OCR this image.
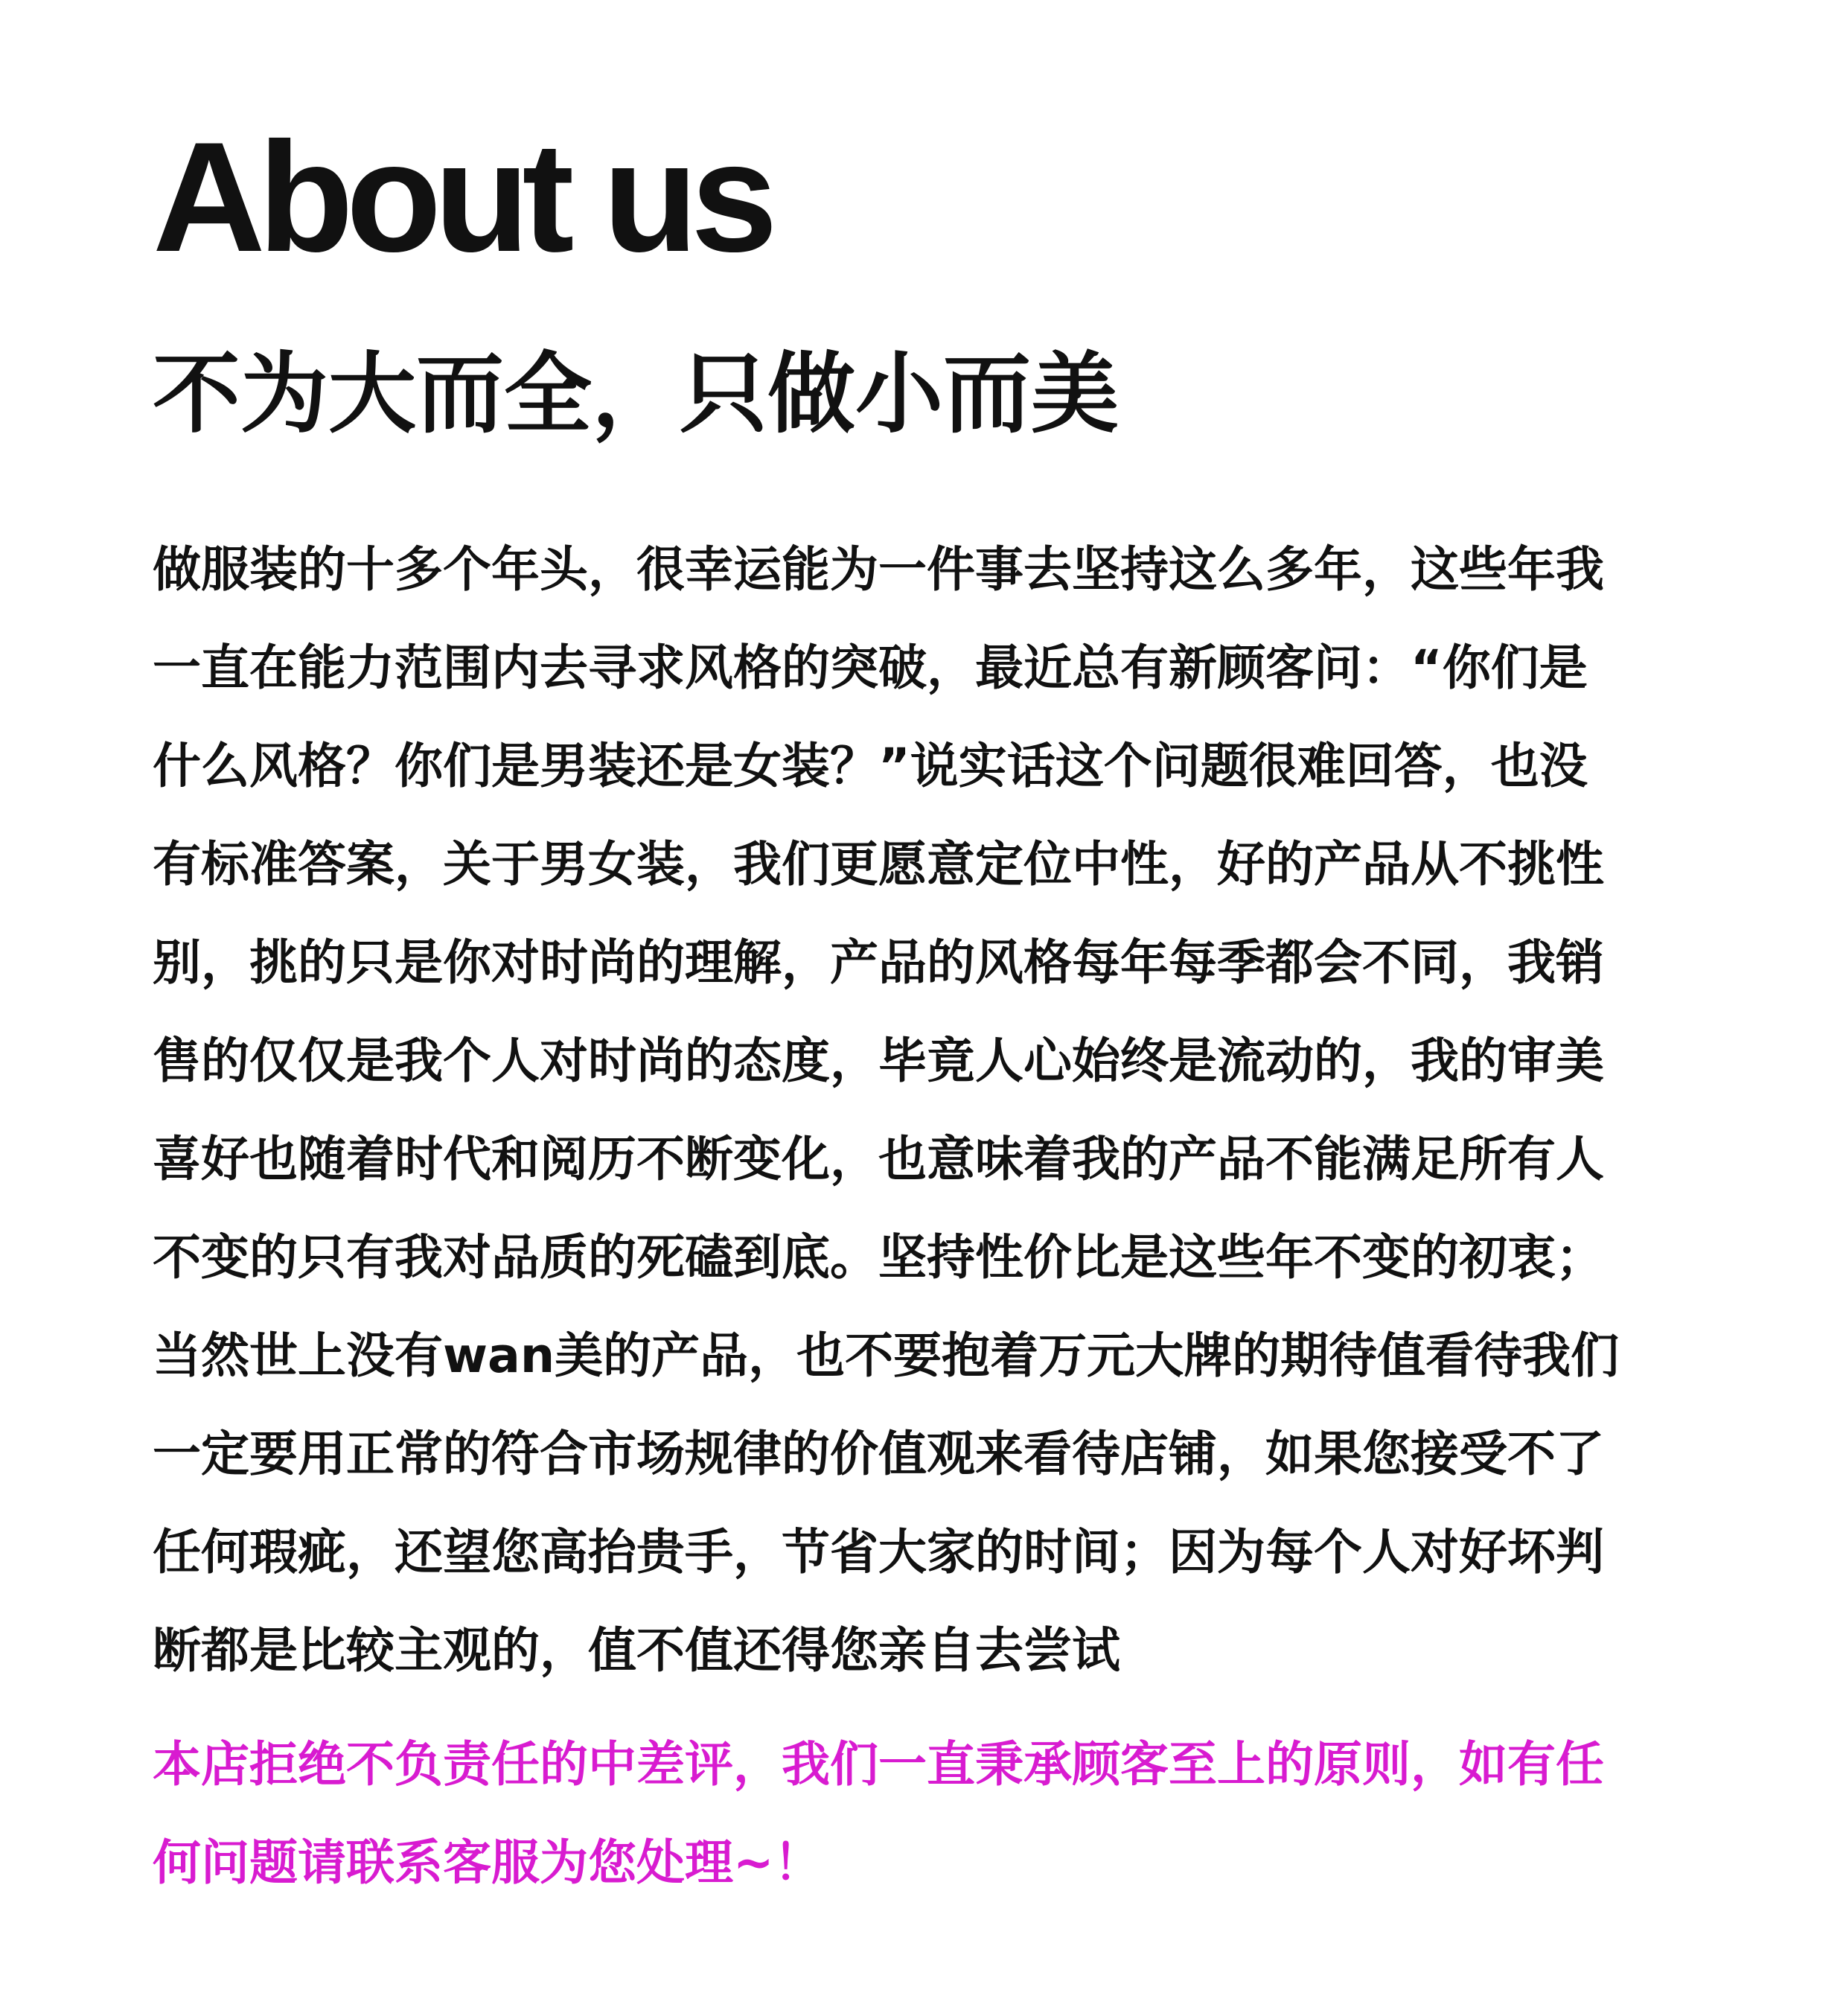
About us
不为大而全，只做小而美
做服装的十多个年头，很幸运能为一件事去坚持这么多年，这些年我
一直在能力范围内去寻求风格的突破，最近总有新顾客问：“你们是
什么风格？你们是男装还是女装？”说实话这个问题很难回答，也没
有标准答案，关于男女装，我们更愿意定位中性，好的产品从不挑性
别，挑的只是你对时尚的理解，产品的风格每年每季都会不同，我销
售的仅仅是我个人对时尚的态度，毕竟人心始终是流动的，我的审美
喜好也随着时代和阅历不断变化，也意味着我的产品不能满足所有人
不变的只有我对品质的死磕到底。坚持性价比是这些年不变的初衷；
当然世上没有wan美的产品，也不要抱着万元大牌的期待值看待我们
一定要用正常的符合市场规律的价值观来看待店铺，如果您接受不了
任何瑕疵，还望您高抬贵手，节省大家的时间；因为每个人对好坏判
断都是比较主观的，值不值还得您亲自去尝试
本店拒绝不负责任的中差评，我们一直秉承顾客至上的原则，如有任
何问题请联系客服为您处理~！
